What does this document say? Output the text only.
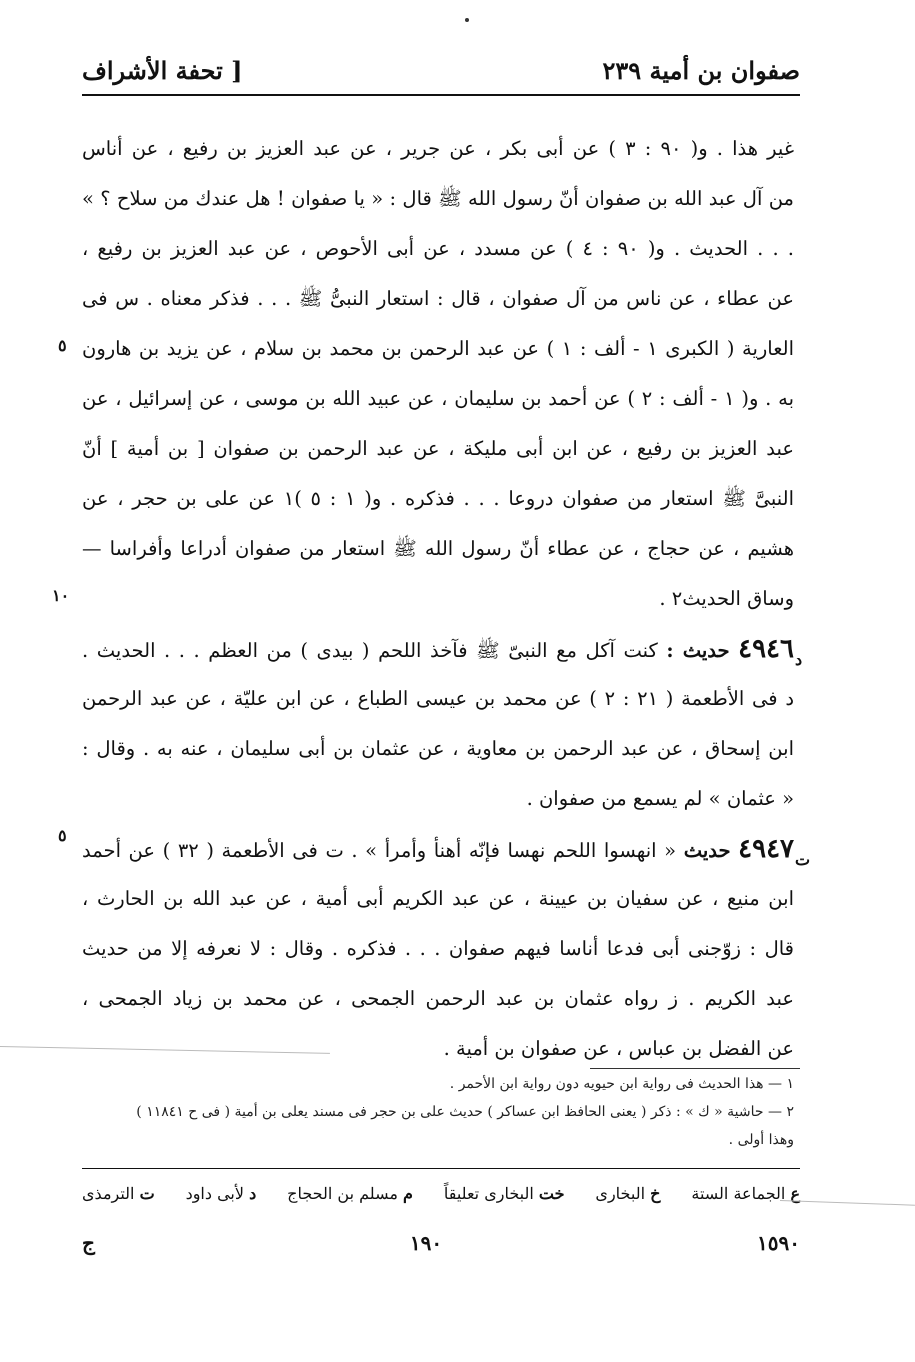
صفوان بن أمية ٢٣٩
[ تحفة الأشراف
غير هذا . و( ٩٠ : ٣ ) عن أبى بكر ، عن جرير ، عن عبد العزيز بن رفيع ، عن أناس
من آل عبد الله بن صفوان أنّ رسول الله ﷺ قال : « يا صفوان ! هل عندك من سلاح ؟ »
. . . الحديث . و( ٩٠ : ٤ ) عن مسدد ، عن أبى الأحوص ، عن عبد العزيز بن رفيع ،
عن عطاء ، عن ناس من آل صفوان ، قال : استعار النبىُّ ﷺ . . . فذكر معناه . س فى
العارية ( الكبرى ١ - ألف : ١ ) عن عبد الرحمن بن محمد بن سلام ، عن يزيد بن هارون
به . و( ١ - ألف : ٢ ) عن أحمد بن سليمان ، عن عبيد الله بن موسى ، عن إسرائيل ، عن
عبد العزيز بن رفيع ، عن ابن أبى مليكة ، عن عبد الرحمن بن صفوان [ بن أمية ] أنّ
النبىَّ ﷺ استعار من صفوان دروعا . . . فذكره . و( ١ : ٥ )١ عن على بن حجر ، عن
هشيم ، عن حجاج ، عن عطاء أنّ رسول الله ﷺ استعار من صفوان أدراعا وأفراسا —
وساق الحديث٢ .
٤٩٤٦ حديث : كنت آكل مع النبىّ ﷺ فآخذ اللحم ( بيدى ) من العظم . . . الحديث .
د فى الأطعمة ( ٢١ : ٢ ) عن محمد بن عيسى الطباع ، عن ابن عليّة ، عن عبد الرحمن
ابن إسحاق ، عن عبد الرحمن بن معاوية ، عن عثمان بن أبى سليمان ، عنه به . وقال :
« عثمان » لم يسمع من صفوان .
٤٩٤٧ حديث « انهسوا اللحم نهسا فإنّه أهنأ وأمرأ » . ت فى الأطعمة ( ٣٢ ) عن أحمد
ابن منيع ، عن سفيان بن عيينة ، عن عبد الكريم أبى أمية ، عن عبد الله بن الحارث ،
قال : زوّجنى أبى فدعا أناسا فيهم صفوان . . . فذكره . وقال : لا نعرفه إلا من حديث
عبد الكريم . ز رواه عثمان بن عبد الرحمن الجمحى ، عن محمد بن زياد الجمحى ،
عن الفضل بن عباس ، عن صفوان بن أمية .
٥
١٠
٥
د
ت
١ — هذا الحديث فى رواية ابن حيويه دون رواية ابن الأحمر .
٢ — حاشية « ك » : ذكر ( يعنى الحافظ ابن عساكر ) حديث على بن حجر فى مسند يعلى بن أمية ( فى ح ١١٨٤١ )
وهذا أولى .
ع الجماعة الستة
خ البخارى
خت البخارى تعليقاً
م مسلم بن الحجاج
د لأبى داود
ت الترمذى
١٥٩٠
١٩٠
ج
